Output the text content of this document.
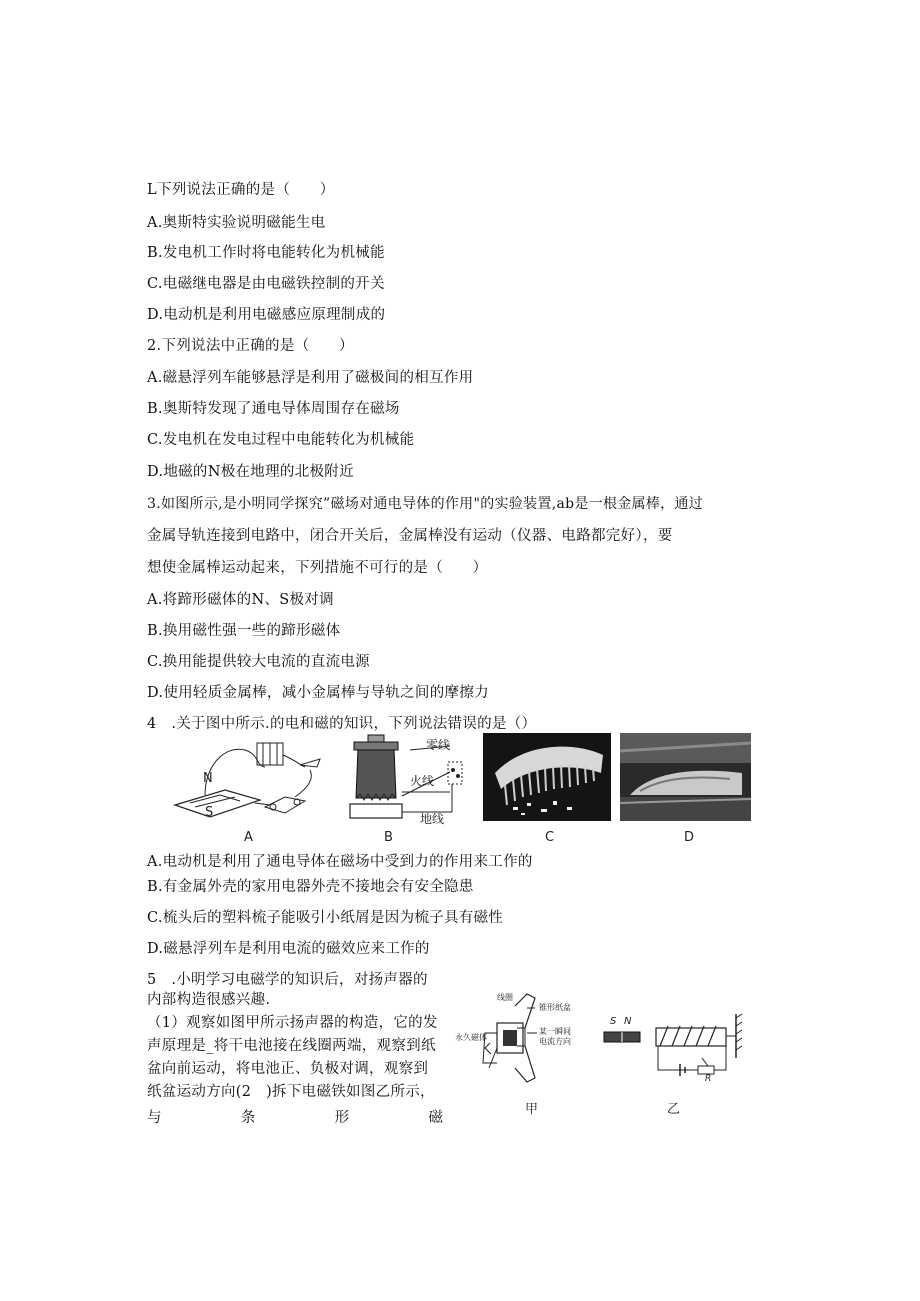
L下列说法正确的是（　　）
A.奥斯特实验说明磁能生电
B.发电机工作时将电能转化为机械能
C.电磁继电器是由电磁铁控制的开关
D.电动机是利用电磁感应原理制成的
2.下列说法中正确的是（　　）
A.磁悬浮列车能够悬浮是利用了磁极间的相互作用
B.奥斯特发现了通电导体周围存在磁场
C.发电机在发电过程中电能转化为机械能
D.地磁的N极在地理的北极附近
3.如图所示,是小明同学探究”磁场对通电导体的作用"的实验装置,ab是一根金属棒，通过
金属导轨连接到电路中，闭合开关后，金属棒没有运动（仪器、电路都完好），要
想使金属棒运动起来，下列措施不可行的是（　　）
A.将蹄形磁体的N、S极对调
B.换用磁性强一些的蹄形磁体
C.换用能提供较大电流的直流电源
D.使用轻质金属棒，减小金属棒与导轨之间的摩擦力
4　.关于图中所示.的电和磁的知识，下列说法错误的是（）
N
S
A
零线
火线
地线
B	C	D
A.电动机是利用了通电导体在磁场中受到力的作用来工作的
B.有金属外壳的家用电器外壳不接地会有安全隐患
C.梳头后的塑料梳子能吸引小纸屑是因为梳子具有磁性
D.磁悬浮列车是利用电流的磁效应来工作的
5　.小明学习电磁学的知识后，对扬声器的
内部构造很感兴趣.
（1）观察如图甲所示扬声器的构造，它的发
声原理是_将干电池接在线圈两端，观察到纸
盆向前运动，将电池正、负极对调，观察到
纸盆运动方向(2　)拆下电磁铁如图乙所示，
与	条	形	磁
线圈
锥形纸盆
永久磁体
某一瞬间
电流方向
甲
S N
R
乙
